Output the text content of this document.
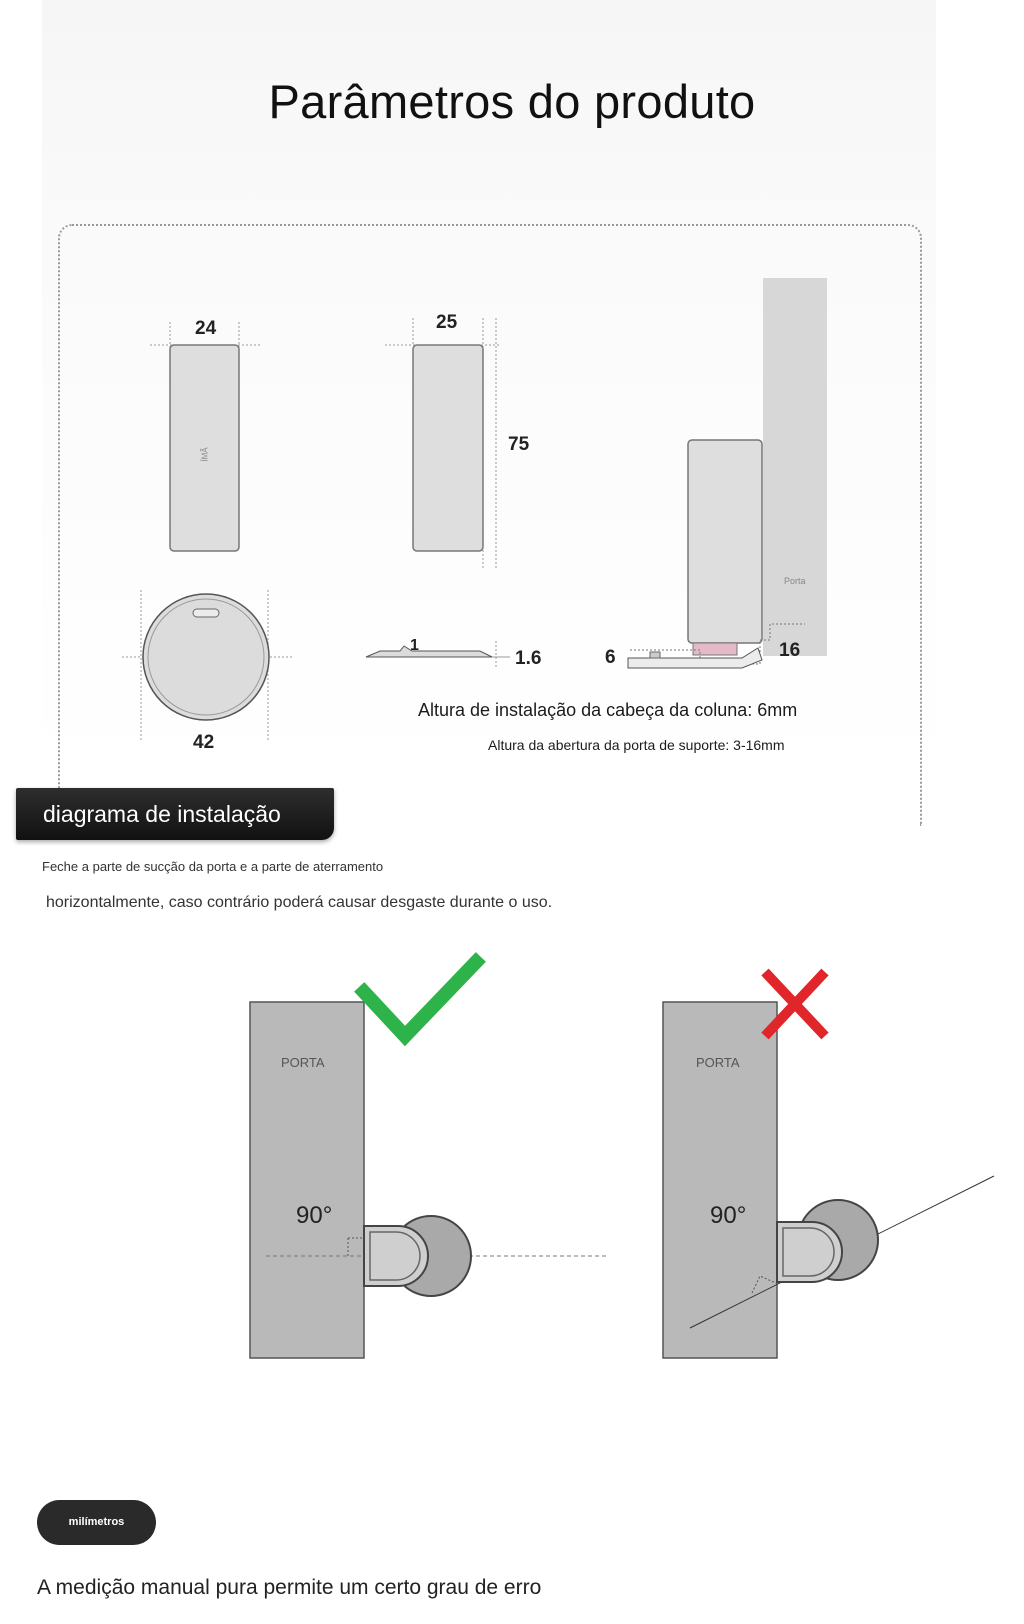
Parâmetros do produto
24	25
75
42
1.6
1
6	16
ÍMÃ
Porta
Altura de instalação da cabeça da coluna: 6mm
Altura da abertura da porta de suporte: 3-16mm
diagrama de instalação
Feche a parte de sucção da porta e a parte de aterramento
horizontalmente, caso contrário poderá causar desgaste durante o uso.
PORTA	PORTA
90°	90°
milímetros
A medição manual pura permite um certo grau de erro
